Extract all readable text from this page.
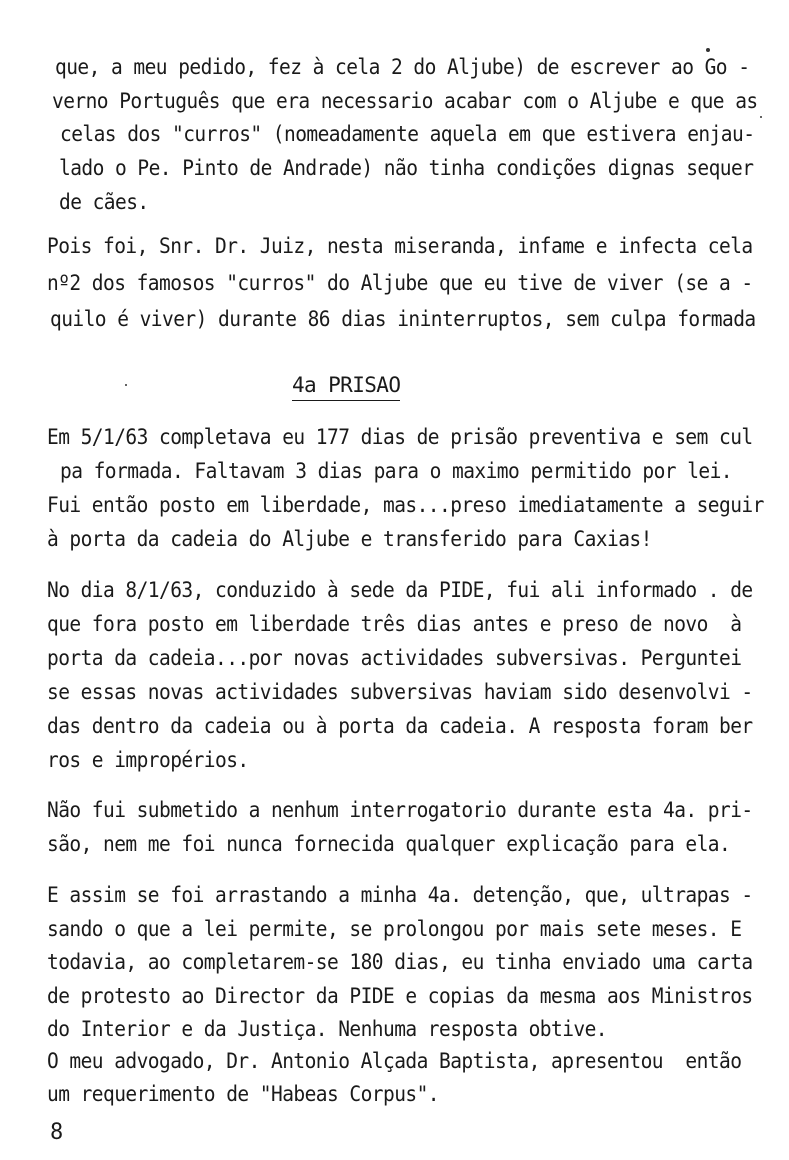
que, a meu pedido, fez à cela 2 do Aljube) de escrever ao Go -
verno Português que era necessario acabar com o Aljube e que as
celas dos "curros" (nomeadamente aquela em que estivera enjau-
lado o Pe. Pinto de Andrade) não tinha condições dignas sequer
de cães.
Pois foi, Snr. Dr. Juiz, nesta miseranda, infame e infecta cela
nº2 dos famosos "curros" do Aljube que eu tive de viver (se a -
quilo é viver) durante 86 dias ininterruptos, sem culpa formada
4a PRISAO
Em 5/1/63 completava eu 177 dias de prisão preventiva e sem cul
pa formada. Faltavam 3 dias para o maximo permitido por lei.
Fui então posto em liberdade, mas...preso imediatamente a seguir
à porta da cadeia do Aljube e transferido para Caxias!
No dia 8/1/63, conduzido à sede da PIDE, fui ali informado . de
que fora posto em liberdade três dias antes e preso de novo  à
porta da cadeia...por novas actividades subversivas. Perguntei
se essas novas actividades subversivas haviam sido desenvolvi -
das dentro da cadeia ou à porta da cadeia. A resposta foram ber
ros e impropérios.
Não fui submetido a nenhum interrogatorio durante esta 4a. pri-
são, nem me foi nunca fornecida qualquer explicação para ela.
E assim se foi arrastando a minha 4a. detenção, que, ultrapas -
sando o que a lei permite, se prolongou por mais sete meses. E
todavia, ao completarem-se 180 dias, eu tinha enviado uma carta
de protesto ao Director da PIDE e copias da mesma aos Ministros
do Interior e da Justiça. Nenhuma resposta obtive.
O meu advogado, Dr. Antonio Alçada Baptista, apresentou  então
um requerimento de "Habeas Corpus".
8
